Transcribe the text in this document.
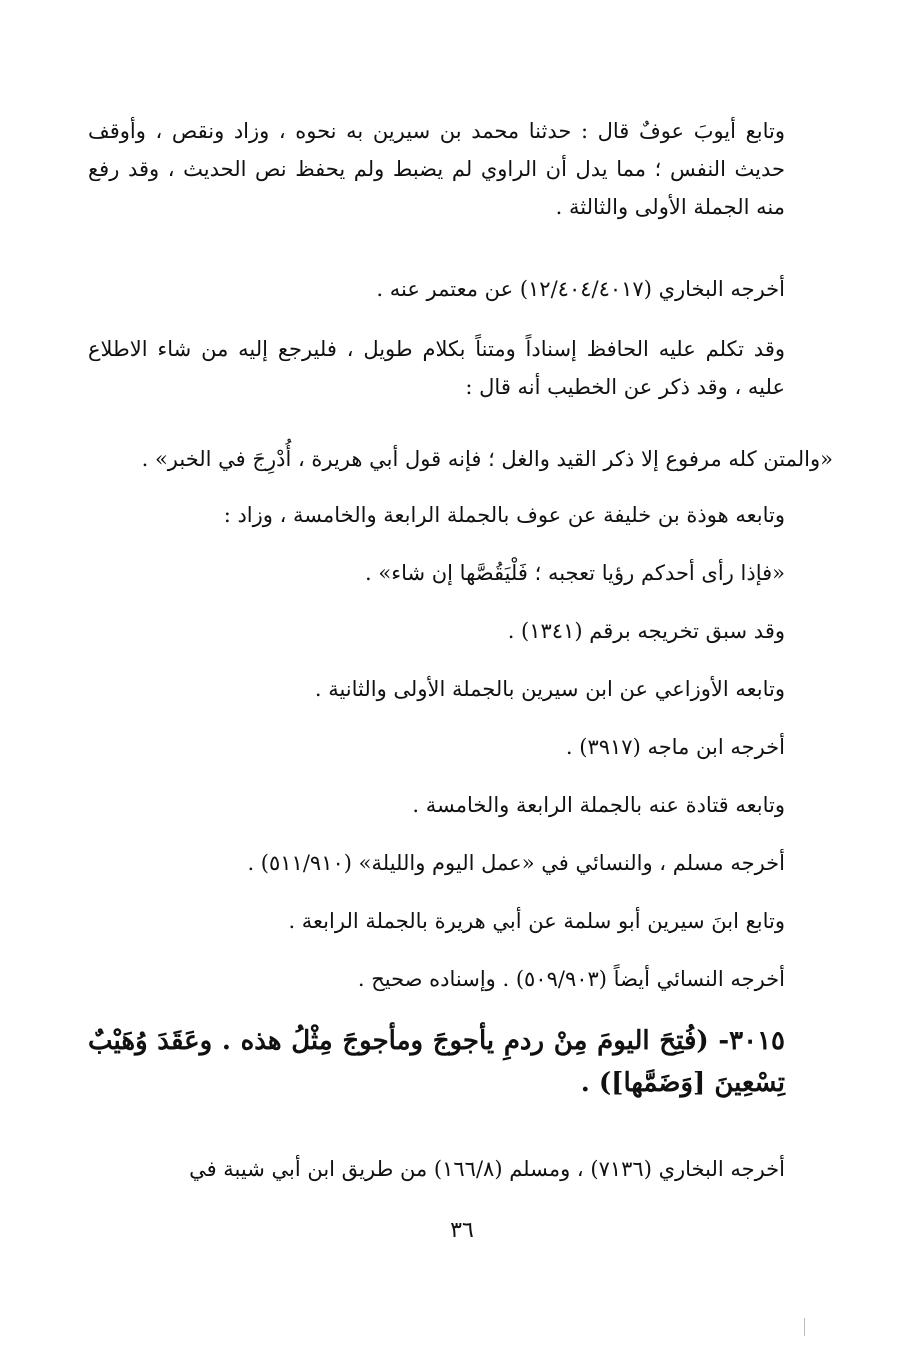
وتابع أيوبَ عوفٌ قال : حدثنا محمد بن سيرين به نحوه ، وزاد ونقص ، وأوقف حديث النفس ؛ مما يدل أن الراوي لم يضبط ولم يحفظ نص الحديث ، وقد رفع منه الجملة الأولى والثالثة .

أخرجه البخاري (١٢/٤٠٤/٤٠١٧) عن معتمر عنه .

وقد تكلم عليه الحافظ إسناداً ومتناً بكلام طويل ، فليرجع إليه من شاء الاطلاع عليه ، وقد ذكر عن الخطيب أنه قال :

«والمتن كله مرفوع إلا ذكر القيد والغل ؛ فإنه قول أبي هريرة ، أُدْرِجَ في الخبر» .

وتابعه هوذة بن خليفة عن عوف بالجملة الرابعة والخامسة ، وزاد :

«فإذا رأى أحدكم رؤيا تعجبه ؛ فَلْيَقُصَّها إن شاء» .

وقد سبق تخريجه برقم (١٣٤١) .

وتابعه الأوزاعي عن ابن سيرين بالجملة الأولى والثانية .

أخرجه ابن ماجه (٣٩١٧) .

وتابعه قتادة عنه بالجملة الرابعة والخامسة .

أخرجه مسلم ، والنسائي في «عمل اليوم والليلة» (٥١١/٩١٠) .

وتابع ابنَ سيرين أبو سلمة عن أبي هريرة بالجملة الرابعة .

أخرجه النسائي أيضاً (٥٠٩/٩٠٣) . وإسناده صحيح .

٣٠١٥- (فُتِحَ اليومَ مِنْ ردمِ يأجوجَ ومأجوجَ مِثْلُ هذه . وعَقَدَ وُهَيْبٌ تِسْعِينَ [وَضَمَّها]) .

أخرجه البخاري (٧١٣٦) ، ومسلم (١٦٦/٨) من طريق ابن أبي شيبة في

٣٦
